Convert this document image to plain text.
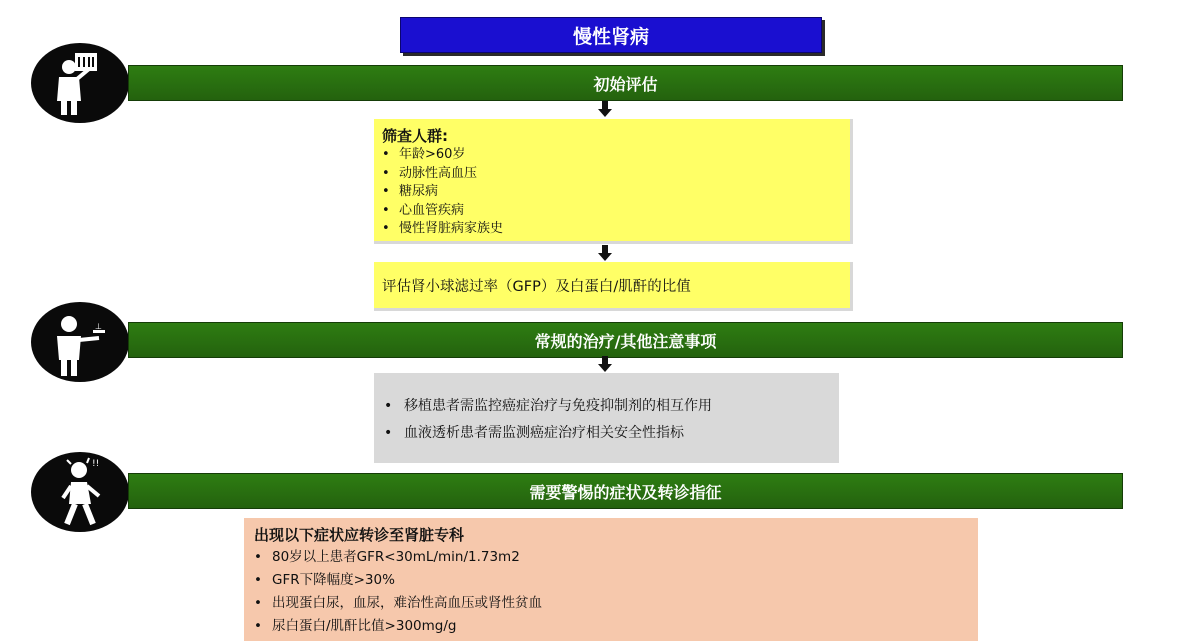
慢性肾病
初始评估
筛查人群:
• 年龄>60岁
• 动脉性高血压
• 糖尿病
• 心血管疾病
• 慢性肾脏病家族史
评估肾小球滤过率（GFP）及白蛋白/肌酐的比值
⊥
常规的治疗/其他注意事项
• 移植患者需监控癌症治疗与免疫抑制剂的相互作用
• 血液透析患者需监测癌症治疗相关安全性指标
!!
需要警惕的症状及转诊指征
出现以下症状应转诊至肾脏专科
• 80岁以上患者GFR<30mL/min/1.73m2
• GFR下降幅度>30%
• 出现蛋白尿，血尿，难治性高血压或肾性贫血
• 尿白蛋白/肌酐比值>300mg/g
